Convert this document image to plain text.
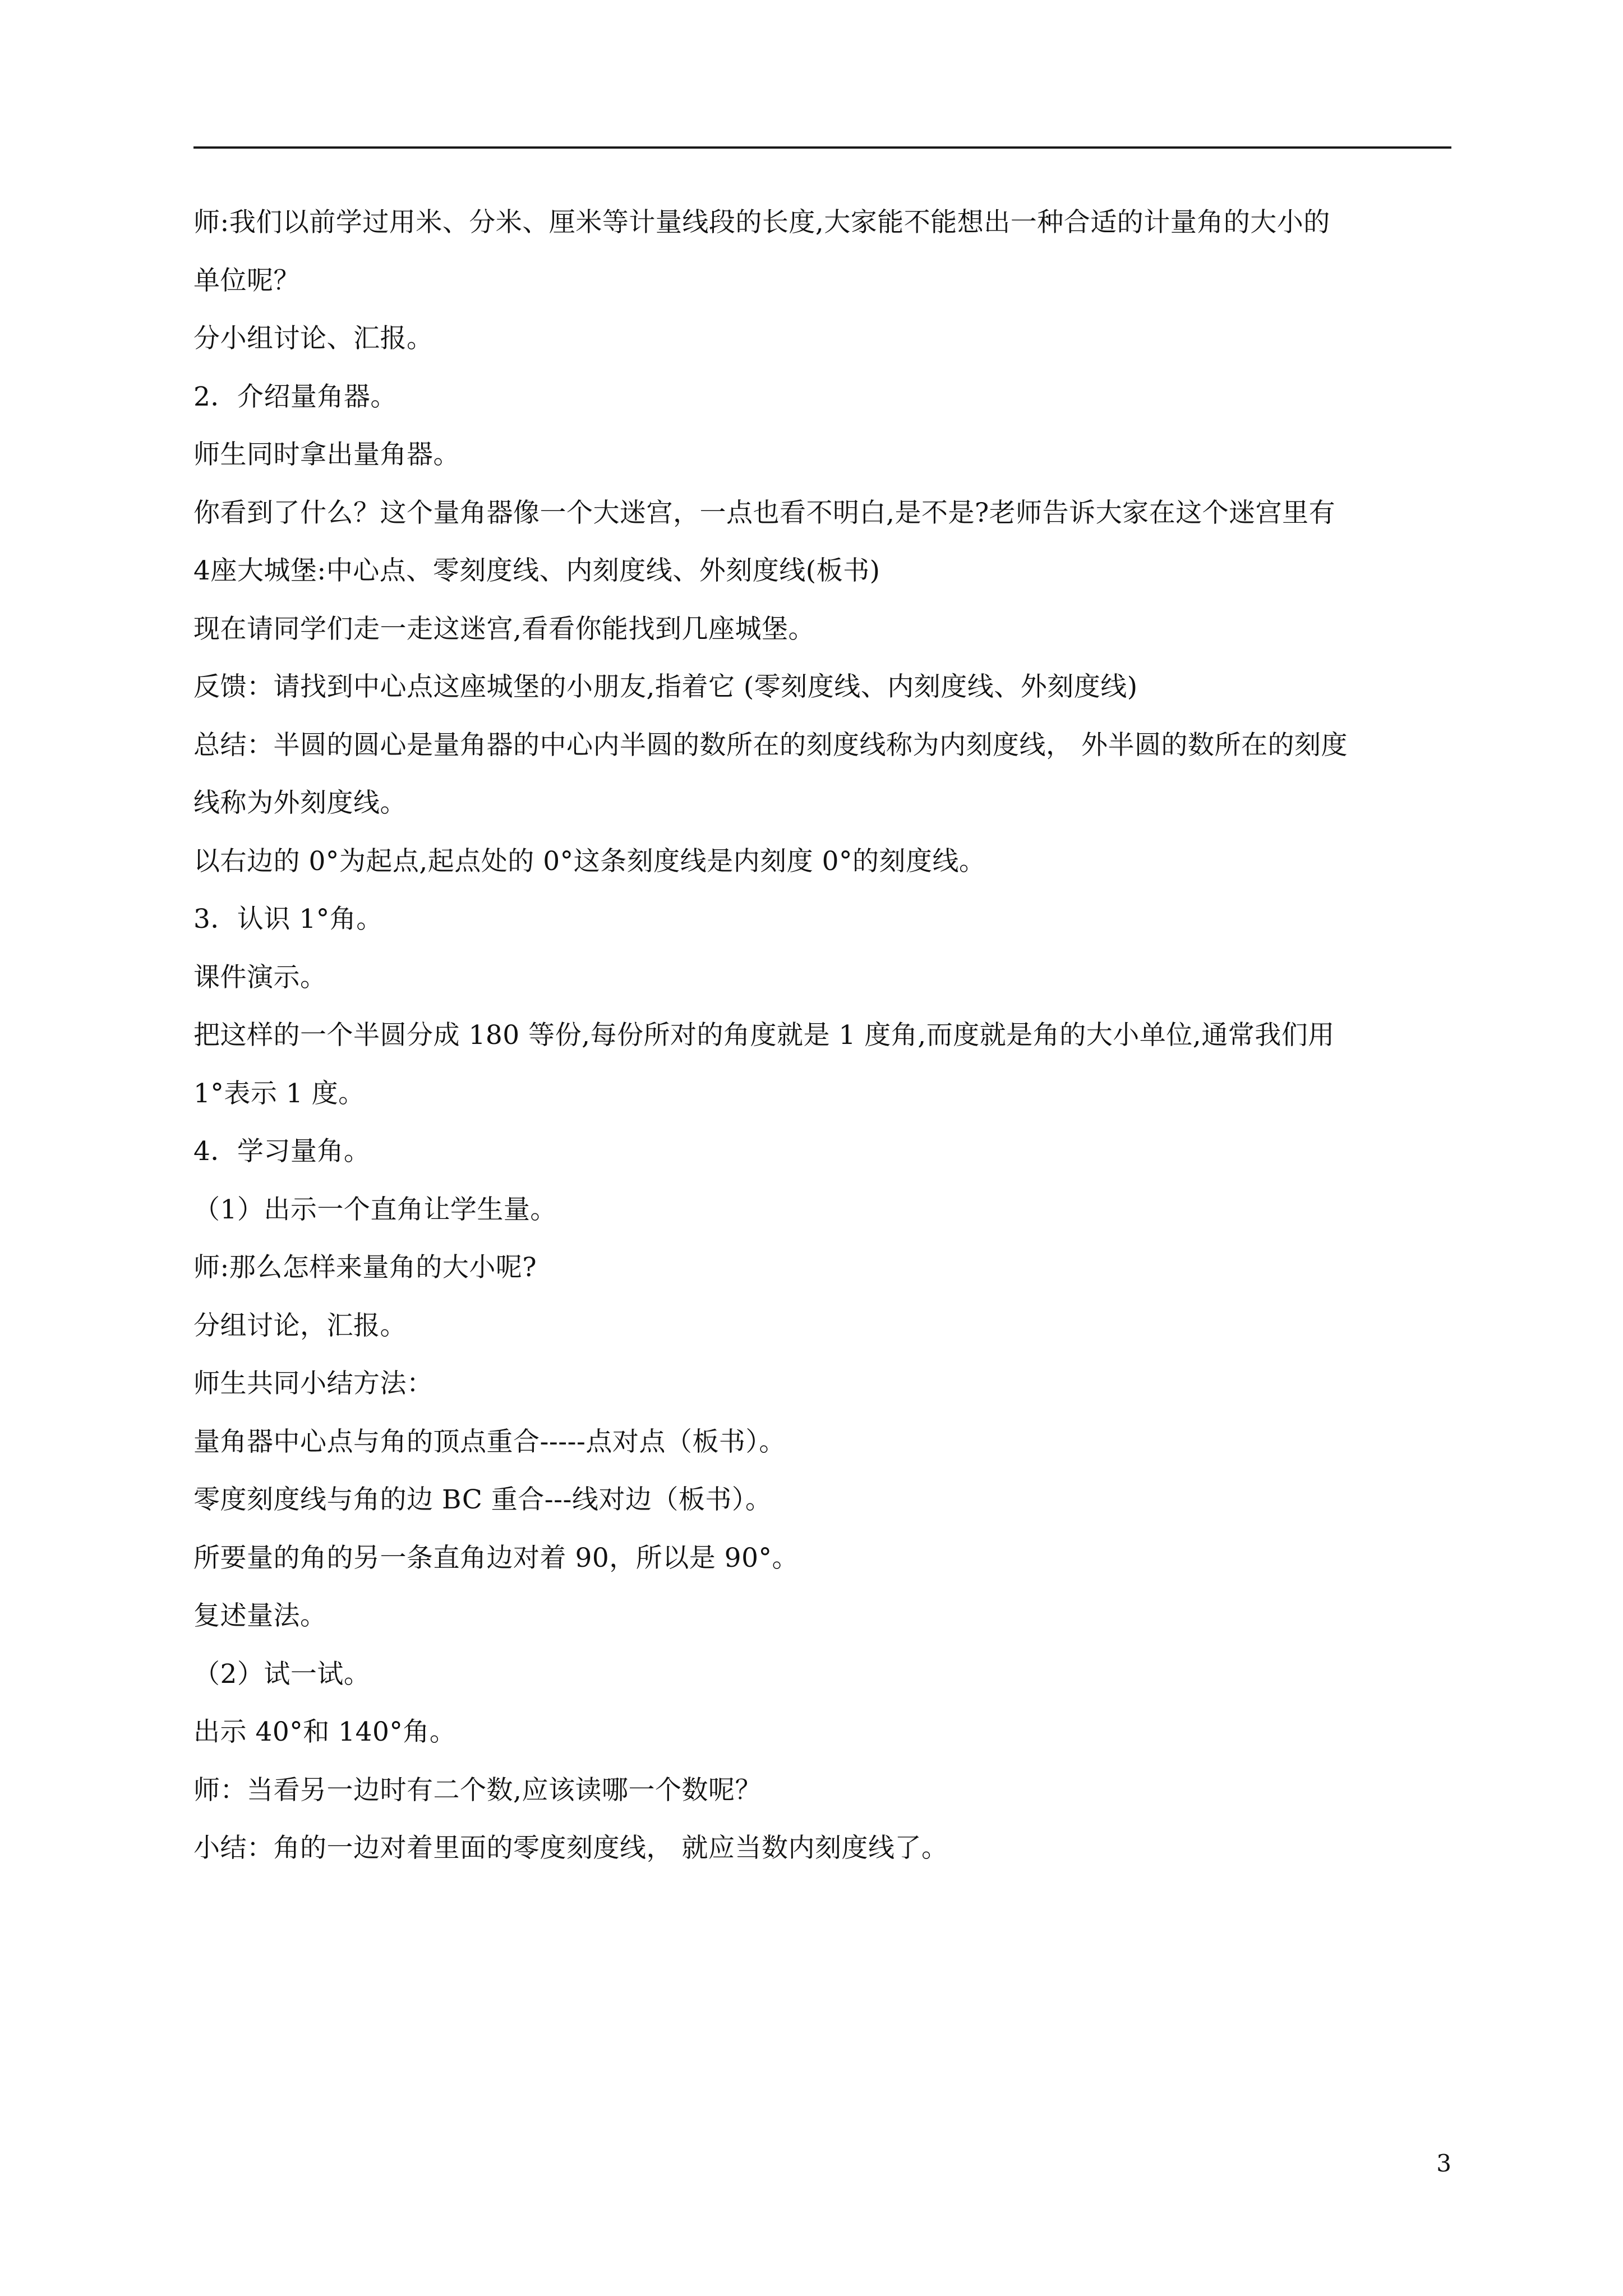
师:我们以前学过用米、分米、厘米等计量线段的长度,大家能不能想出一种合适的计量角的大小的
单位呢？
分小组讨论、汇报。
2．介绍量角器。
师生同时拿出量角器。
你看到了什么？这个量角器像一个大迷宫，一点也看不明白,是不是?老师告诉大家在这个迷宫里有
4座大城堡:中心点、零刻度线、内刻度线、外刻度线(板书)
现在请同学们走一走这迷宫,看看你能找到几座城堡。
反馈：请找到中心点这座城堡的小朋友,指着它 (零刻度线、内刻度线、外刻度线)
总结：半圆的圆心是量角器的中心内半圆的数所在的刻度线称为内刻度线， 外半圆的数所在的刻度
线称为外刻度线。
以右边的 0°为起点,起点处的 0°这条刻度线是内刻度 0°的刻度线。
3．认识 1°角。
课件演示。
把这样的一个半圆分成 180 等份,每份所对的角度就是 1 度角,而度就是角的大小单位,通常我们用
1°表示 1 度。
4．学习量角。
（1）出示一个直角让学生量。
师:那么怎样来量角的大小呢?
分组讨论，汇报。
师生共同小结方法：
量角器中心点与角的顶点重合-----点对点（板书）。
零度刻度线与角的边 BC 重合---线对边（板书）。
所要量的角的另一条直角边对着 90，所以是 90°。
复述量法。
（2）试一试。
出示 40°和 140°角。
师：当看另一边时有二个数,应该读哪一个数呢？
小结：角的一边对着里面的零度刻度线， 就应当数内刻度线了。
3
